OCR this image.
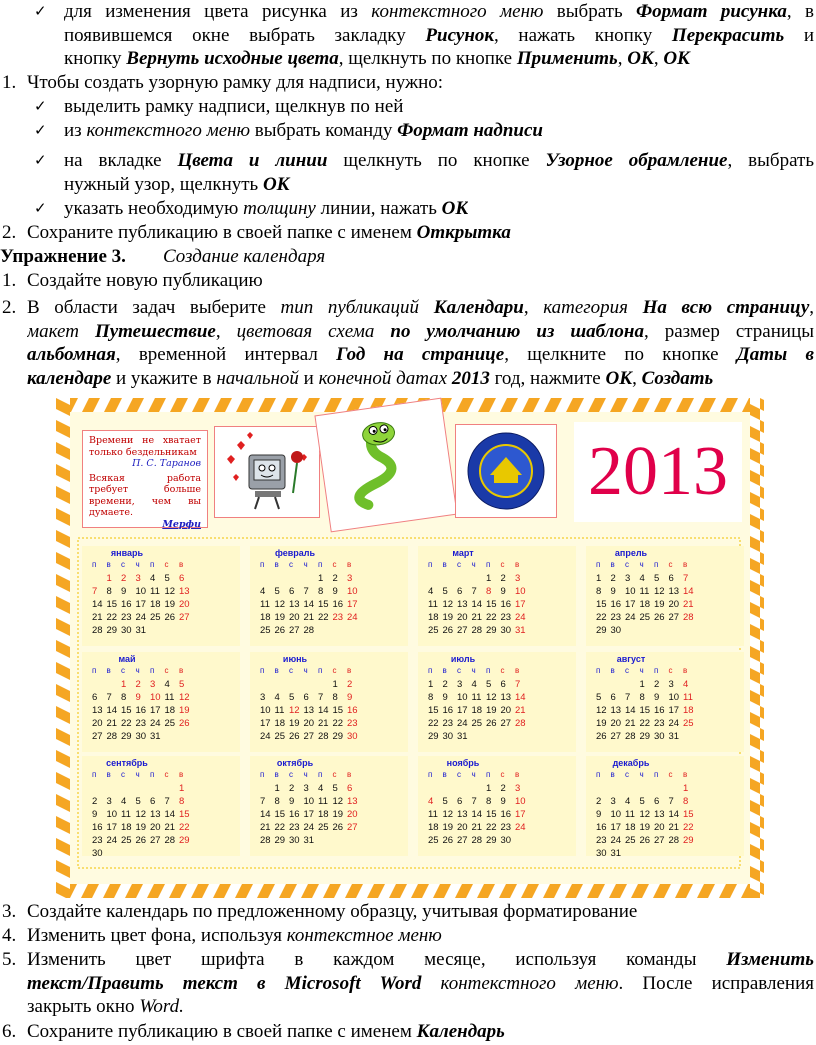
✓ для изменения цвета рисунка из контекстного меню выбрать Формат рисунка, в
появившемся окне выбрать закладку Рисунок, нажать кнопку Перекрасить и
кнопку Вернуть исходные цвета, щелкнуть по кнопке Применить, ОК, ОК
1. Чтобы создать узорную рамку для надписи, нужно:
✓ выделить рамку надписи, щелкнув по ней
✓ из контекстного меню выбрать команду Формат надписи
✓ на вкладке Цвета и линии щелкнуть по кнопке Узорное обрамление, выбрать
нужный узор, щелкнуть ОК
✓ указать необходимую толщину линии, нажать ОК
2. Сохраните публикацию в своей папке с именем Открытка
Упражнение 3. Создание календаря
1. Создайте новую публикацию
2. В области задач выберите тип публикаций Календари, категория На всю страницу,
макет Путешествие, цветовая схема по умолчанию из шаблона, размер страницы
альбомная, временной интервал Год на странице, щелкните по кнопке Даты в
календаре и укажите в начальной и конечной датах 2013 год, нажмите ОК, Создать
Времени не хватает только бездельникам
П. С. Таранов
Всякая работа требует больше времени, чем вы думаете.
Мерфи
2013
январь
п в с ч п с в
1 2 3 4 5 6
7 8 9 10 11 12 13
14 15 16 17 18 19 20
21 22 23 24 25 26 27
28 29 30 31
февраль
п в с ч п с в
1 2 3
4 5 6 7 8 9 10
11 12 13 14 15 16 17
18 19 20 21 22 23 24
25 26 27 28
март
п в с ч п с в
1 2 3
4 5 6 7 8 9 10
11 12 13 14 15 16 17
18 19 20 21 22 23 24
25 26 27 28 29 30 31
апрель
п в с ч п с в
1 2 3 4 5 6 7
8 9 10 11 12 13 14
15 16 17 18 19 20 21
22 23 24 25 26 27 28
29 30
май
п в с ч п с в
1 2 3 4 5
6 7 8 9 10 11 12
13 14 15 16 17 18 19
20 21 22 23 24 25 26
27 28 29 30 31
июнь
п в с ч п с в
1 2
3 4 5 6 7 8 9
10 11 12 13 14 15 16
17 18 19 20 21 22 23
24 25 26 27 28 29 30
июль
п в с ч п с в
1 2 3 4 5 6 7
8 9 10 11 12 13 14
15 16 17 18 19 20 21
22 23 24 25 26 27 28
29 30 31
август
п в с ч п с в
1 2 3 4
5 6 7 8 9 10 11
12 13 14 15 16 17 18
19 20 21 22 23 24 25
26 27 28 29 30 31
сентябрь
п в с ч п с в
1
2 3 4 5 6 7 8
9 10 11 12 13 14 15
16 17 18 19 20 21 22
23 24 25 26 27 28 29
30
октябрь
п в с ч п с в
1 2 3 4 5 6
7 8 9 10 11 12 13
14 15 16 17 18 19 20
21 22 23 24 25 26 27
28 29 30 31
ноябрь
п в с ч п с в
1 2 3
4 5 6 7 8 9 10
11 12 13 14 15 16 17
18 19 20 21 22 23 24
25 26 27 28 29 30
декабрь
п в с ч п с в
1
2 3 4 5 6 7 8
9 10 11 12 13 14 15
16 17 18 19 20 21 22
23 24 25 26 27 28 29
30 31
3. Создайте календарь по предложенному образцу, учитывая форматирование
4. Изменить цвет фона, используя контекстное меню
5. Изменить цвет шрифта в каждом месяце, используя команды Изменить
текст/Править текст в Microsoft Word контекстного меню. После исправления
закрыть окно Word.
6. Сохраните публикацию в своей папке с именем Календарь
